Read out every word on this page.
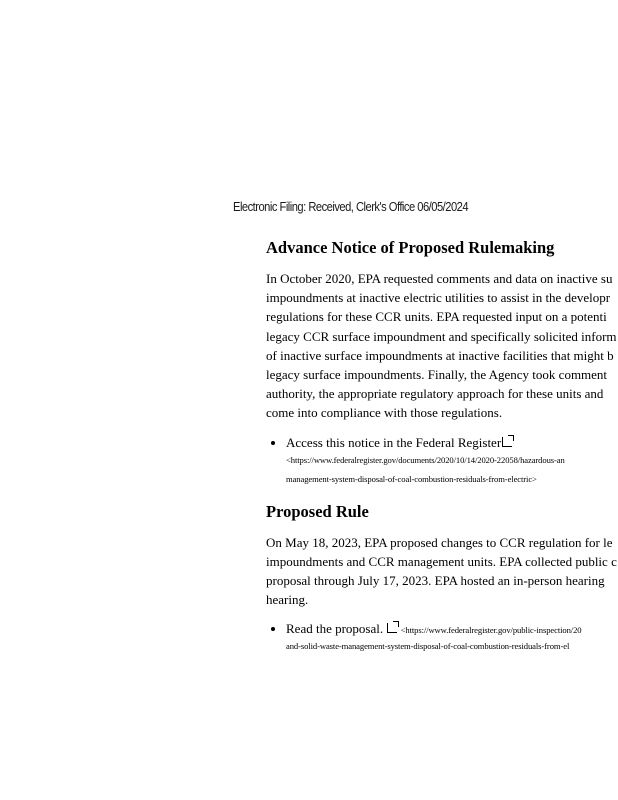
Electronic Filing: Received, Clerk's Office 06/05/2024
Advance Notice of Proposed Rulemaking

In October 2020, EPA requested comments and data on inactive su
impoundments at inactive electric utilities to assist in the developr
regulations for these CCR units. EPA requested input on a potenti
legacy CCR surface impoundment and specifically solicited inform
of inactive surface impoundments at inactive facilities that might b
legacy surface impoundments. Finally, the Agency took comment
authority, the appropriate regulatory approach for these units and
come into compliance with those regulations.

• Access this notice in the Federal Register
<https://www.federalregister.gov/documents/2020/10/14/2020-22058/hazardous-an
management-system-disposal-of-coal-combustion-residuals-from-electric>
Proposed Rule

On May 18, 2023, EPA proposed changes to CCR regulation for le
impoundments and CCR management units. EPA collected public c
proposal through July 17, 2023. EPA hosted an in-person hearing
hearing.

• Read the proposal. <https://www.federalregister.gov/public-inspection/20
and-solid-waste-management-system-disposal-of-coal-combustion-residuals-from-el
